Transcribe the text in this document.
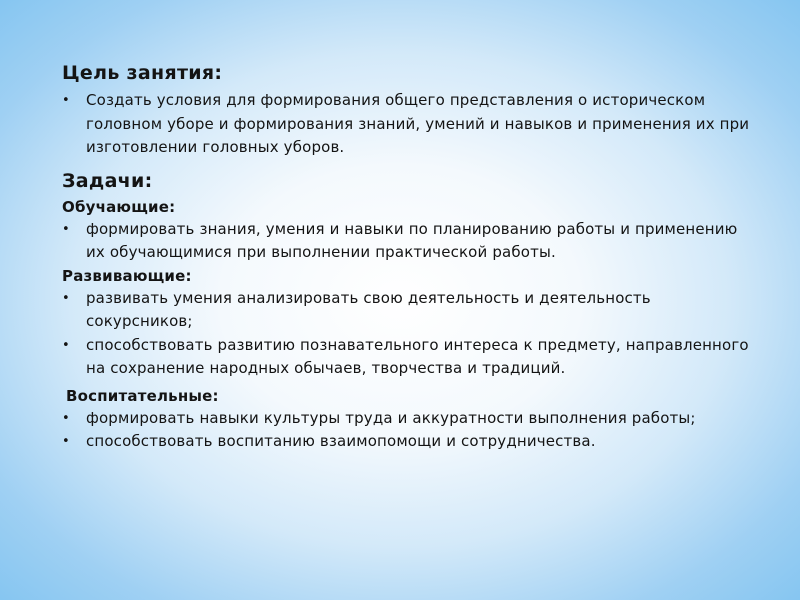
Цель занятия:
•	Создать условия для формирования общего представления о историческом головном уборе и формирования знаний, умений и навыков и применения их при изготовлении головных уборов.
Задачи:
Обучающие:
•	формировать знания, умения и навыки по планированию работы и применению их обучающимися при выполнении практической работы.
Развивающие:
•	развивать умения анализировать свою деятельность и деятельность сокурсников;
•	способствовать развитию познавательного интереса к предмету, направленного на сохранение народных обычаев, творчества и традиций.
Воспитательные:
•	формировать навыки культуры труда и аккуратности выполнения работы;
•	способствовать воспитанию взаимопомощи и сотрудничества.
